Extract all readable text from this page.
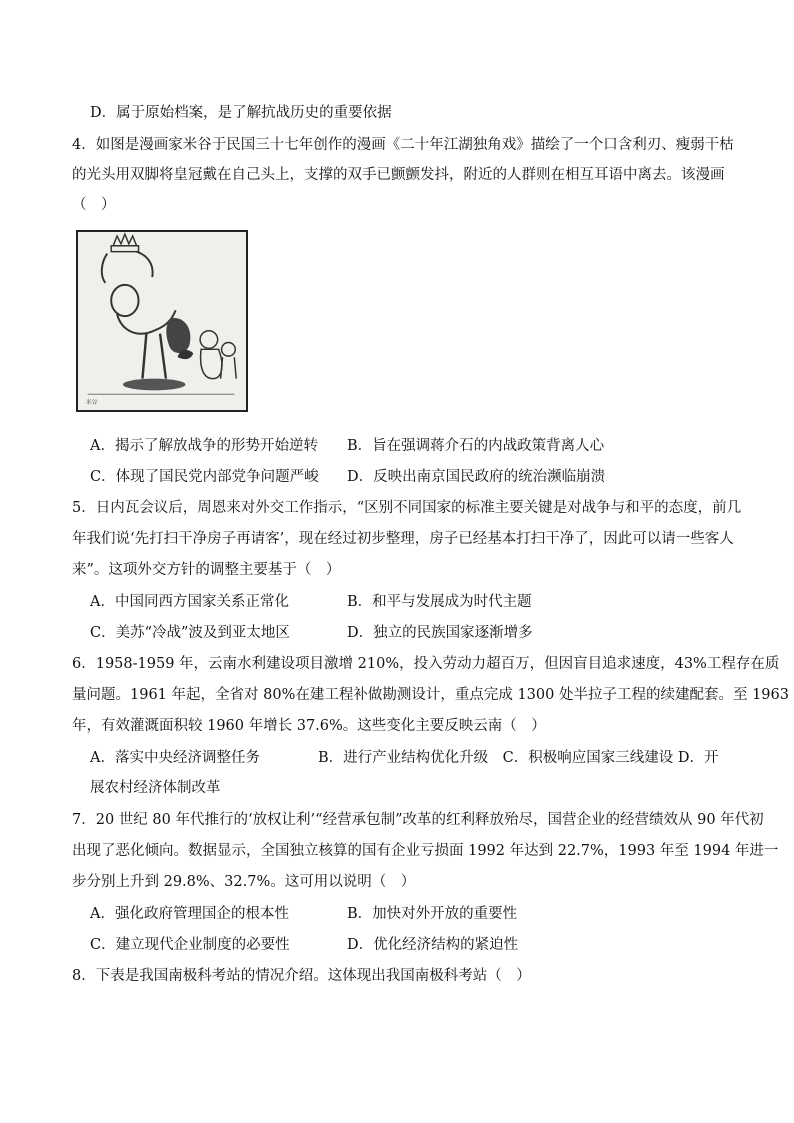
D．属于原始档案，是了解抗战历史的重要依据
4．如图是漫画家米谷于民国三十七年创作的漫画《二十年江湖独角戏》描绘了一个口含利刃、瘦弱干枯
的光头用双脚将皇冠戴在自己头上，支撑的双手已颤颤发抖，附近的人群则在相互耳语中离去。该漫画
（　）
米谷
A．揭示了解放战争的形势开始逆转 B．旨在强调蒋介石的内战政策背离人心
C．体现了国民党内部党争问题严峻 D．反映出南京国民政府的统治濒临崩溃
5．日内瓦会议后，周恩来对外交工作指示，“区别不同国家的标准主要关键是对战争与和平的态度，前几
年我们说‘先打扫干净房子再请客’，现在经过初步整理，房子已经基本打扫干净了，因此可以请一些客人
来”。这项外交方针的调整主要基于（　）
A．中国同西方国家关系正常化	B．和平与发展成为时代主题
C．美苏“冷战”波及到亚太地区	D．独立的民族国家逐渐增多
6．1958-1959 年，云南水利建设项目激增 210%，投入劳动力超百万，但因盲目追求速度，43%工程存在质
量问题。1961 年起，全省对 80%在建工程补做勘测设计，重点完成 1300 处半拉子工程的续建配套。至 1963
年，有效灌溉面积较 1960 年增长 37.6%。这些变化主要反映云南（　）
A．落实中央经济调整任务　　　　B．进行产业结构优化升级　C．积极响应国家三线建设 D．开
展农村经济体制改革
7．20 世纪 80 年代推行的‘放权让利’“经营承包制”改革的红利释放殆尽，国营企业的经营绩效从 90 年代初
出现了恶化倾向。数据显示，全国独立核算的国有企业亏损面 1992 年达到 22.7%，1993 年至 1994 年进一
步分别上升到 29.8%、32.7%。这可用以说明（　）
A．强化政府管理国企的根本性	B．加快对外开放的重要性
C．建立现代企业制度的必要性	D．优化经济结构的紧迫性
8．下表是我国南极科考站的情况介绍。这体现出我国南极科考站（　）
